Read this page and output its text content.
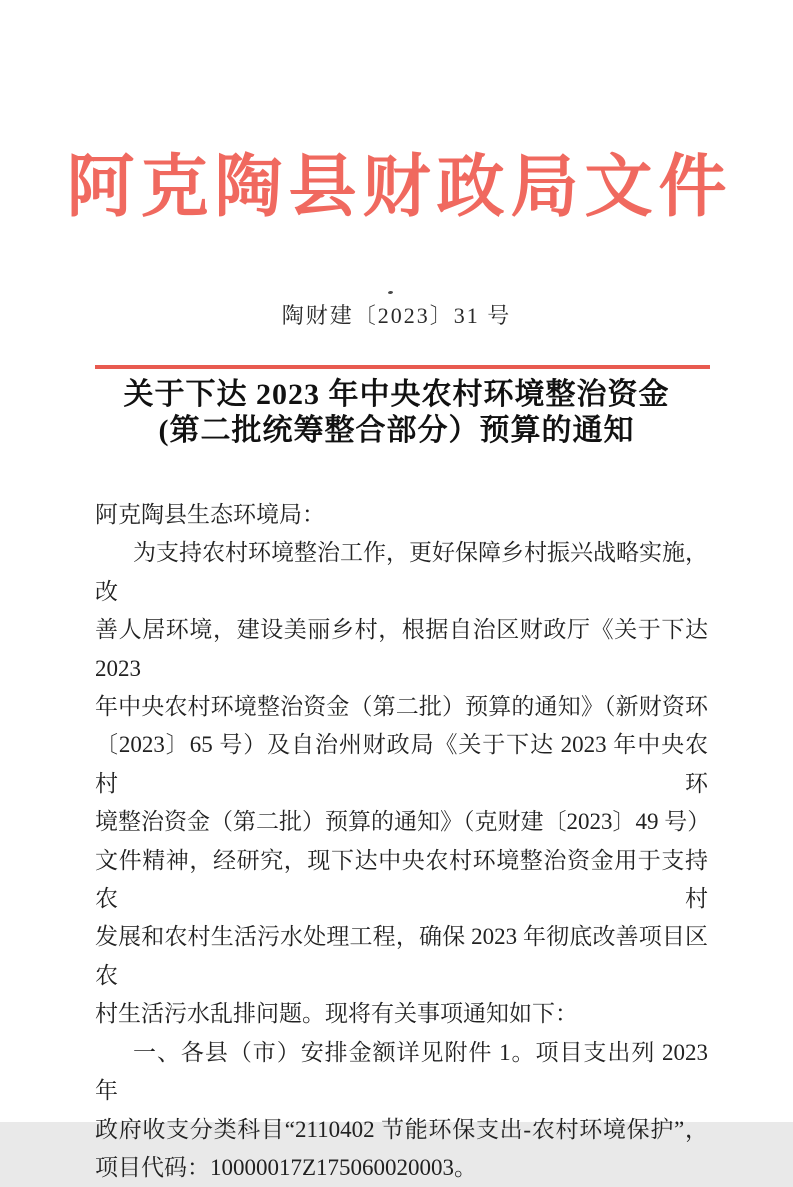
阿克陶县财政局文件
陶财建〔2023〕31 号
关于下达 2023 年中央农村环境整治资金
(第二批统筹整合部分）预算的通知
阿克陶县生态环境局：
为支持农村环境整治工作，更好保障乡村振兴战略实施，改
善人居环境，建设美丽乡村，根据自治区财政厅《关于下达 2023
年中央农村环境整治资金（第二批）预算的通知》（新财资环
〔2023〕65 号）及自治州财政局《关于下达 2023 年中央农村环
境整治资金（第二批）预算的通知》（克财建〔2023〕49 号）
文件精神，经研究，现下达中央农村环境整治资金用于支持农村
发展和农村生活污水处理工程，确保 2023 年彻底改善项目区农
村生活污水乱排问题。现将有关事项通知如下：
一、各县（市）安排金额详见附件 1。项目支出列 2023 年
政府收支分类科目“2110402 节能环保支出-农村环境保护”，
项目代码：10000017Z175060020003。
